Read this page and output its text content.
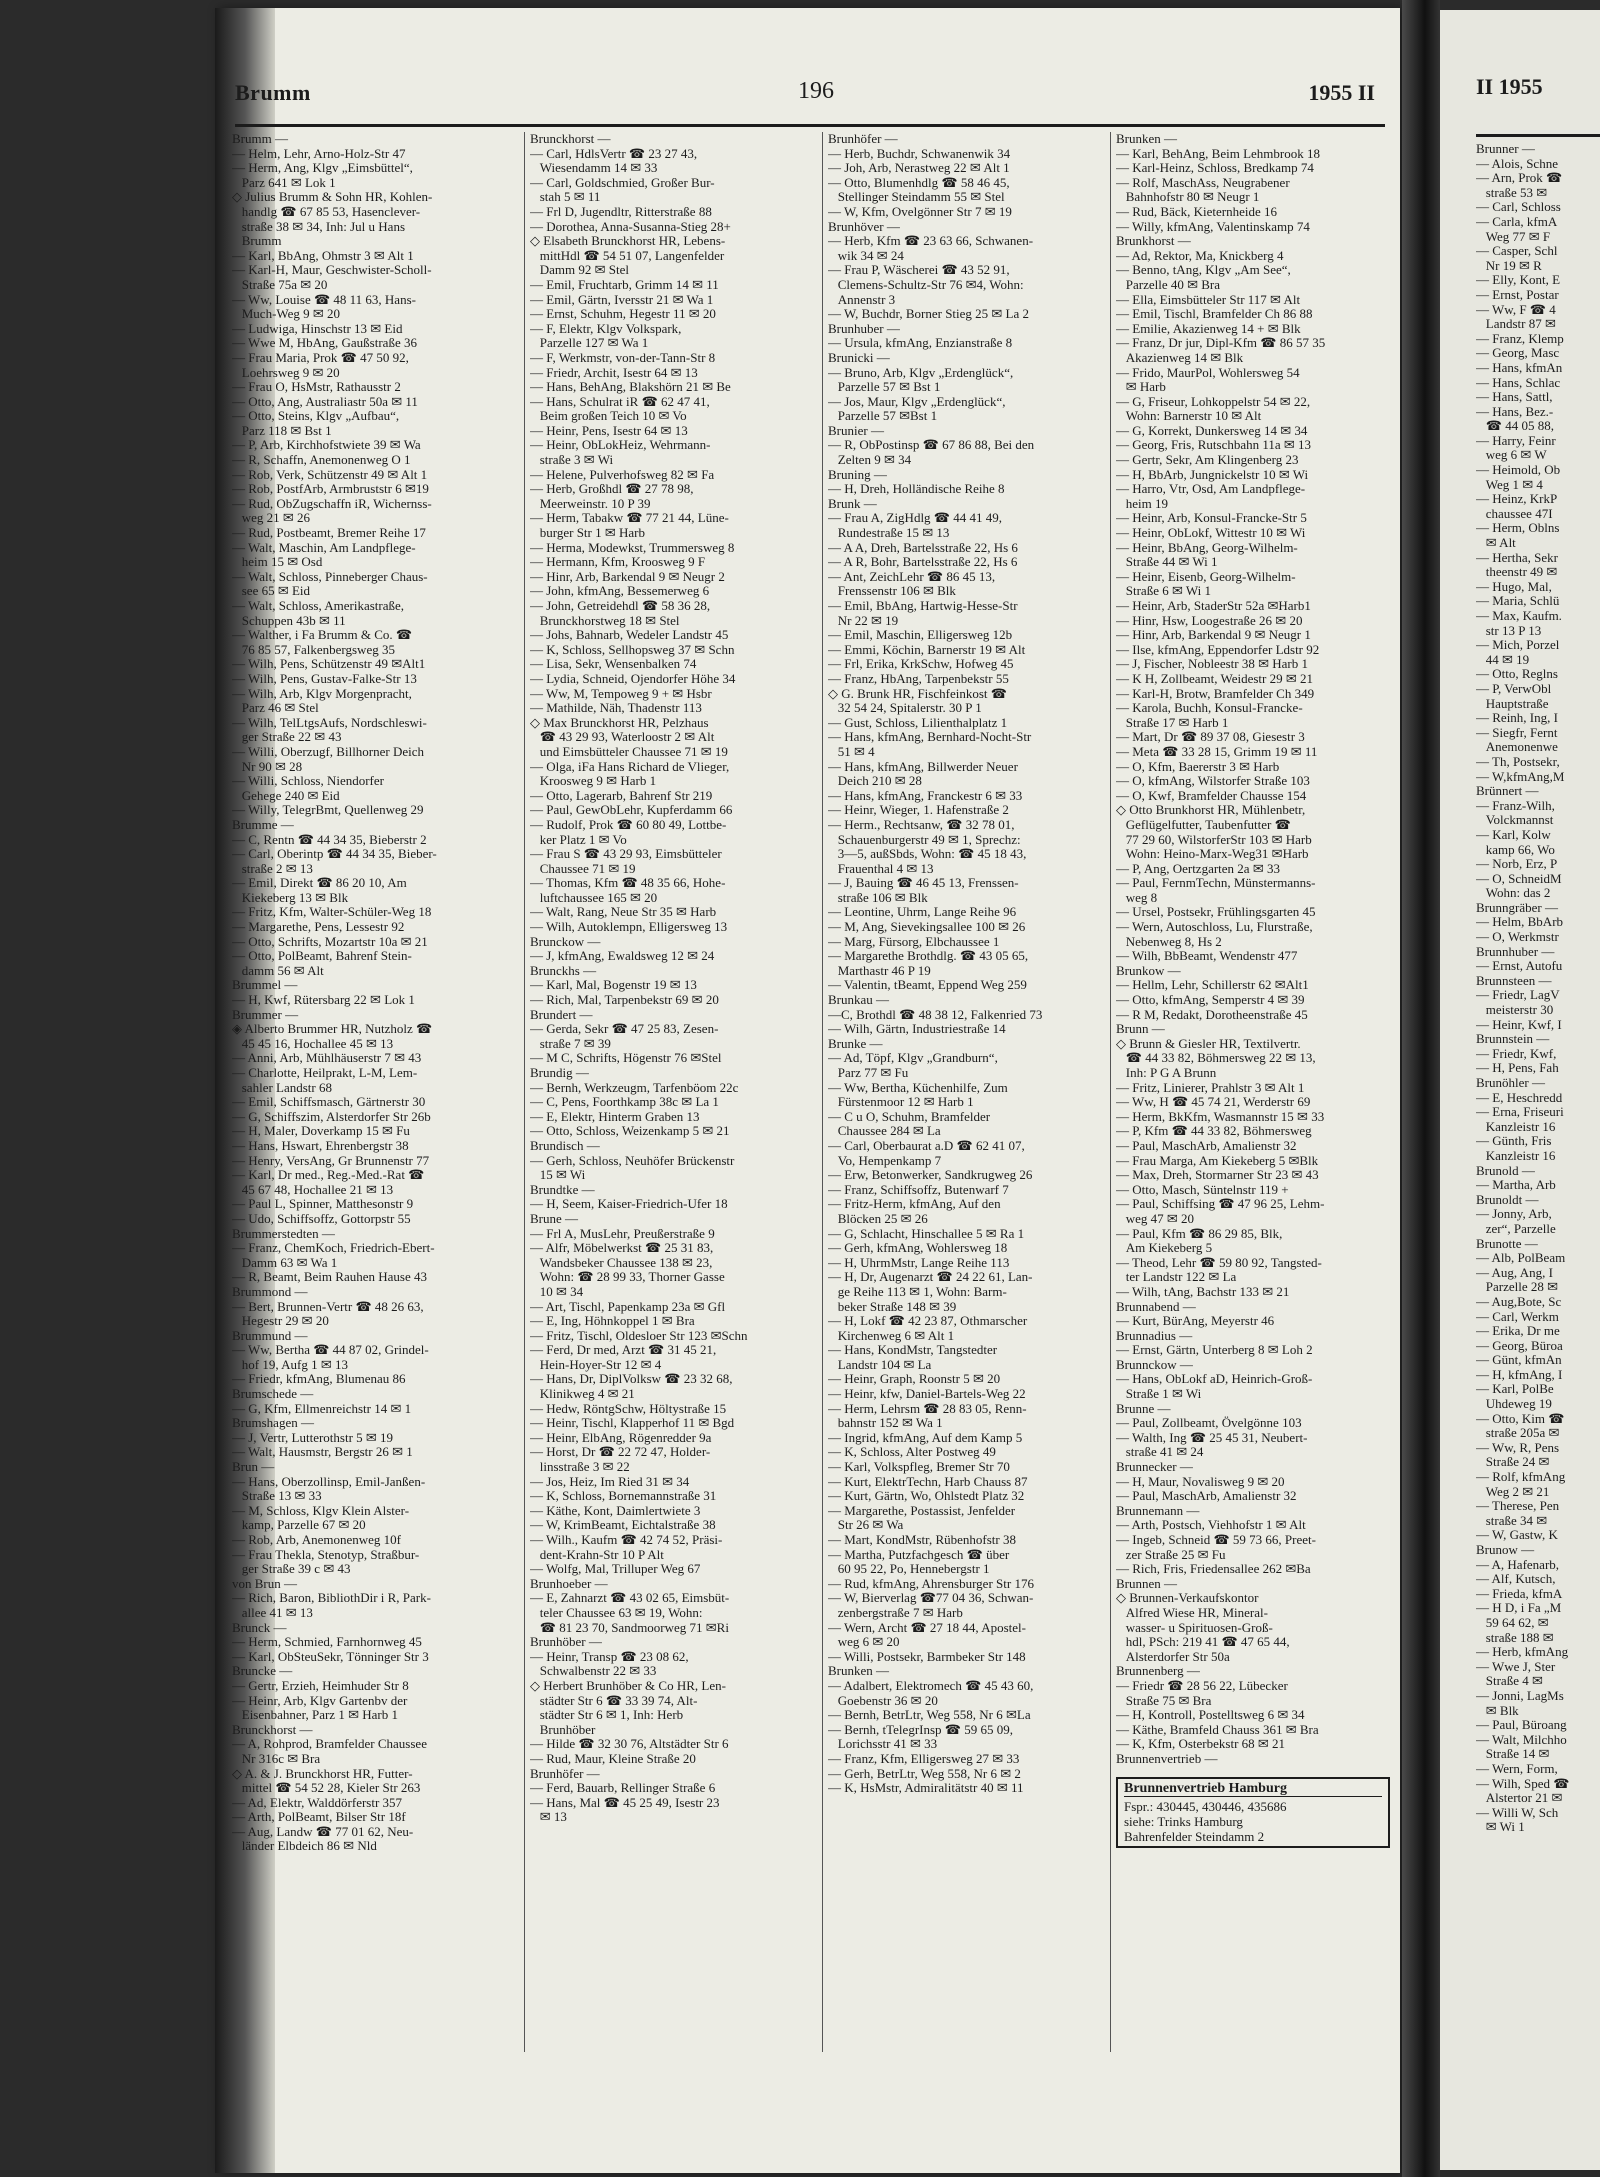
II 1955
Brunner —
— Alois, Schne
— Arn, Prok ☎
straße 53 ✉
— Carl, Schloss
— Carla, kfmA
Weg 77 ✉ F
— Casper, Schl
Nr 19 ✉ R
— Elly, Kont, E
— Ernst, Postar
— Ww, F ☎ 4
Landstr 87 ✉
— Franz, Klemp
— Georg, Masc
— Hans, kfmAn
— Hans, Schlac
— Hans, Sattl,
— Hans, Bez.-
☎ 44 05 88,
— Harry, Feinr
weg 6 ✉ W
— Heimold, Ob
Weg 1 ✉ 4
— Heinz, KrkP
chaussee 47I
— Herm, Oblns
✉ Alt
— Hertha, Sekr
theenstr 49 ✉
— Hugo, Mal,
— Maria, Schlü
— Max, Kaufm.
str 13 P 13
— Mich, Porzel
44 ✉ 19
— Otto, Reglns
— P, VerwObl
Hauptstraße
— Reinh, Ing, I
— Siegfr, Fernt
Anemonenwe
— Th, Postsekr,
— W,kfmAng,M
Brünnert —
— Franz-Wilh,
Volckmannst
— Karl, Kolw
kamp 66, Wo
— Norb, Erz, P
— O, SchneidM
Wohn: das 2
Brunngräber —
— Helm, BbArb
— O, Werkmstr
Brunnhuber —
— Ernst, Autofu
Brunnsteen —
— Friedr, LagV
meisterstr 30
— Heinr, Kwf, I
Brunnstein —
— Friedr, Kwf,
— H, Pens, Fah
Brunöhler —
— E, Heschredd
— Erna, Friseuri
Kanzleistr 16
— Günth, Fris
Kanzleistr 16
Brunold —
— Martha, Arb
Brunoldt —
— Jonny, Arb,
zer“, Parzelle
Brunotte —
— Alb, PolBeam
— Aug, Ang, I
Parzelle 28 ✉
— Aug,Bote, Sc
— Carl, Werkm
— Erika, Dr me
— Georg, Büroa
— Günt, kfmAn
— H, kfmAng, I
— Karl, PolBe
Uhdeweg 19
— Otto, Kim ☎
straße 205a ✉
— Ww, R, Pens
Straße 24 ✉
— Rolf, kfmAng
Weg 2 ✉ 21
— Therese, Pen
straße 34 ✉
— W, Gastw, K
Brunow —
— A, Hafenarb,
— Alf, Kutsch,
— Frieda, kfmA
— H D, i Fa „M
59 64 62, ✉
straße 188 ✉
— Herb, kfmAng
— Wwe J, Ster
Straße 4 ✉
— Jonni, LagMs
✉ Blk
— Paul, Büroang
— Walt, Milchho
Straße 14 ✉
— Wern, Form,
— Wilh, Sped ☎
Alstertor 21 ✉
— Willi W, Sch
✉ Wi 1
Brumm	196	1955 II
Brumm —
— Helm, Lehr, Arno-Holz-Str 47
— Herm, Ang, Klgv „Eimsbüttel“,
Parz 641 ✉ Lok 1
◇ Julius Brumm & Sohn HR, Kohlen-
handlg ☎ 67 85 53, Hasenclever-
straße 38 ✉ 34, Inh: Jul u Hans
Brumm
— Karl, BbAng, Ohmstr 3 ✉ Alt 1
— Karl-H, Maur, Geschwister-Scholl-
Straße 75a ✉ 20
— Ww, Louise ☎ 48 11 63, Hans-
Much-Weg 9 ✉ 20
— Ludwiga, Hinschstr 13 ✉ Eid
— Wwe M, HbAng, Gaußstraße 36
— Frau Maria, Prok ☎ 47 50 92,
Loehrsweg 9 ✉ 20
— Frau O, HsMstr, Rathausstr 2
— Otto, Ang, Australiastr 50a ✉ 11
— Otto, Steins, Klgv „Aufbau“,
Parz 118 ✉ Bst 1
— P, Arb, Kirchhofstwiete 39 ✉ Wa
— R, Schaffn, Anemonenweg O 1
— Rob, Verk, Schützenstr 49 ✉ Alt 1
— Rob, PostfArb, Armbruststr 6 ✉19
— Rud, ObZugschaffn iR, Wichernss-
weg 21 ✉ 26
— Rud, Postbeamt, Bremer Reihe 17
— Walt, Maschin, Am Landpflege-
heim 15 ✉ Osd
— Walt, Schloss, Pinneberger Chaus-
see 65 ✉ Eid
— Walt, Schloss, Amerikastraße,
Schuppen 43b ✉ 11
— Walther, i Fa Brumm & Co. ☎
76 85 57, Falkenbergsweg 35
— Wilh, Pens, Schützenstr 49 ✉Alt1
— Wilh, Pens, Gustav-Falke-Str 13
— Wilh, Arb, Klgv Morgenpracht,
Parz 46 ✉ Stel
— Wilh, TelLtgsAufs, Nordschleswi-
ger Straße 22 ✉ 43
— Willi, Oberzugf, Billhorner Deich
Nr 90 ✉ 28
— Willi, Schloss, Niendorfer
Gehege 240 ✉ Eid
— Willy, TelegrBmt, Quellenweg 29
Brumme —
— C, Rentn ☎ 44 34 35, Bieberstr 2
— Carl, Oberintp ☎ 44 34 35, Bieber-
straße 2 ✉ 13
— Emil, Direkt ☎ 86 20 10, Am
Kiekeberg 13 ✉ Blk
— Fritz, Kfm, Walter-Schüler-Weg 18
— Margarethe, Pens, Lessestr 92
— Otto, Schrifts, Mozartstr 10a ✉ 21
— Otto, PolBeamt, Bahrenf Stein-
damm 56 ✉ Alt
Brummel —
— H, Kwf, Rütersbarg 22 ✉ Lok 1
Brummer —
◈ Alberto Brummer HR, Nutzholz ☎
45 45 16, Hochallee 45 ✉ 13
— Anni, Arb, Mühlhäuserstr 7 ✉ 43
— Charlotte, Heilprakt, L-M, Lem-
sahler Landstr 68
— Emil, Schiffsmasch, Gärtnerstr 30
— G, Schiffszim, Alsterdorfer Str 26b
— H, Maler, Doverkamp 15 ✉ Fu
— Hans, Hswart, Ehrenbergstr 38
— Henry, VersAng, Gr Brunnenstr 77
— Karl, Dr med., Reg.-Med.-Rat ☎
45 67 48, Hochallee 21 ✉ 13
— Paul L, Spinner, Matthesonstr 9
— Udo, Schiffsoffz, Gottorpstr 55
Brummerstedten —
— Franz, ChemKoch, Friedrich-Ebert-
Damm 63 ✉ Wa 1
— R, Beamt, Beim Rauhen Hause 43
Brummond —
— Bert, Brunnen-Vertr ☎ 48 26 63,
Hegestr 29 ✉ 20
Brummund —
— Ww, Bertha ☎ 44 87 02, Grindel-
hof 19, Aufg 1 ✉ 13
— Friedr, kfmAng, Blumenau 86
Brumschede —
— G, Kfm, Ellmenreichstr 14 ✉ 1
Brumshagen —
— J, Vertr, Lutterothstr 5 ✉ 19
— Walt, Hausmstr, Bergstr 26 ✉ 1
Brun —
— Hans, Oberzollinsp, Emil-Janßen-
Straße 13 ✉ 33
— M, Schloss, Klgv Klein Alster-
kamp, Parzelle 67 ✉ 20
— Rob, Arb, Anemonenweg 10f
— Frau Thekla, Stenotyp, Straßbur-
ger Straße 39 c ✉ 43
von Brun —
— Rich, Baron, BibliothDir i R, Park-
allee 41 ✉ 13
Brunck —
— Herm, Schmied, Farnhornweg 45
— Karl, ObSteuSekr, Tönninger Str 3
Brunckе —
— Gertr, Erzieh, Heimhuder Str 8
— Heinr, Arb, Klgv Gartenbv der
Eisenbahner, Parz 1 ✉ Harb 1
Brunckhorst —
— A, Rohprod, Bramfelder Chaussee
Nr 316c ✉ Bra
◇ A. & J. Brunckhorst HR, Futter-
mittel ☎ 54 52 28, Kieler Str 263
— Ad, Elektr, Walddörferstr 357
— Arth, PolBeamt, Bilser Str 18f
— Aug, Landw ☎ 77 01 62, Neu-
länder Elbdeich 86 ✉ Nld
Brunckhorst —
— Carl, HdlsVertr ☎ 23 27 43,
Wiesendamm 14 ✉ 33
— Carl, Goldschmied, Großer Bur-
stah 5 ✉ 11
— Frl D, Jugendltr, Ritterstraße 88
— Dorothea, Anna-Susanna-Stieg 28+
◇ Elsabeth Brunckhorst HR, Lebens-
mittHdl ☎ 54 51 07, Langenfelder
Damm 92 ✉ Stel
— Emil, Fruchtarb, Grimm 14 ✉ 11
— Emil, Gärtn, Iversstr 21 ✉ Wa 1
— Ernst, Schuhm, Hegestr 11 ✉ 20
— F, Elektr, Klgv Volkspark,
Parzelle 127 ✉ Wa 1
— F, Werkmstr, von-der-Tann-Str 8
— Friedr, Archit, Isestr 64 ✉ 13
— Hans, BehAng, Blakshörn 21 ✉ Be
— Hans, Schulrat iR ☎ 62 47 41,
Beim großen Teich 10 ✉ Vo
— Heinr, Pens, Isestr 64 ✉ 13
— Heinr, ObLokHeiz, Wehrmann-
straße 3 ✉ Wi
— Helene, Pulverhofsweg 82 ✉ Fa
— Herb, Großhdl ☎ 27 78 98,
Meerweinstr. 10 P 39
— Herm, Tabakw ☎ 77 21 44, Lüne-
burger Str 1 ✉ Harb
— Herma, Modewkst, Trummersweg 8
— Hermann, Kfm, Krooswеg 9 F
— Hinr, Arb, Barkendal 9 ✉ Neugr 2
— John, kfmAng, Bessemerweg 6
— John, Getreidehdl ☎ 58 36 28,
Brunckhorstweg 18 ✉ Stel
— Johs, Bahnarb, Wedeler Landstr 45
— K, Schloss, Sellhopsweg 37 ✉ Schn
— Lisa, Sekr, Wensenbalken 74
— Lydia, Schneid, Ojendorfer Höhe 34
— Ww, M, Tempoweg 9 + ✉ Hsbr
— Mathilde, Näh, Thadenstr 113
◇ Max Brunckhorst HR, Pelzhaus
☎ 43 29 93, Waterloostr 2 ✉ Alt
und Eimsbütteler Chaussee 71 ✉ 19
— Olga, iFa Hans Richard de Vlieger,
Krooswеg 9 ✉ Harb 1
— Otto, Lagerarb, Bahrenf Str 219
— Paul, GewObLehr, Kupferdamm 66
— Rudolf, Prok ☎ 60 80 49, Lottbe-
ker Platz 1 ✉ Vo
— Frau S ☎ 43 29 93, Eimsbütteler
Chaussee 71 ✉ 19
— Thomas, Kfm ☎ 48 35 66, Hohe-
luftchaussee 165 ✉ 20
— Walt, Rang, Neue Str 35 ✉ Harb
— Wilh, Autoklempn, Elligersweg 13
Brunckow —
— J, kfmAng, Ewaldsweg 12 ✉ 24
Brunckhs —
— Karl, Mal, Bogenstr 19 ✉ 13
— Rich, Mal, Tarpenbekstr 69 ✉ 20
Brundert —
— Gerda, Sekr ☎ 47 25 83, Zesen-
straße 7 ✉ 39
— M C, Schrifts, Högenstr 76 ✉Stel
Brundig —
— Bernh, Werkzeugm, Tarfenböom 22c
— C, Pens, Foorthkamp 38c ✉ La 1
— E, Elektr, Hinterm Graben 13
— Otto, Schloss, Weizenkamp 5 ✉ 21
Brundisch —
— Gerh, Schloss, Neuhöfer Brückenstr
15 ✉ Wi
Brundtke —
— H, Seem, Kaiser-Friedrich-Ufer 18
Brune —
— Frl A, MusLehr, Preußerstraße 9
— Alfr, Möbelwerkst ☎ 25 31 83,
Wandsbeker Chaussee 138 ✉ 23,
Wohn: ☎ 28 99 33, Thorner Gasse
10 ✉ 34
— Art, Tischl, Papenkamp 23a ✉ Gfl
— E, Ing, Höhnkoppel 1 ✉ Bra
— Fritz, Tischl, Oldesloer Str 123 ✉Schn
— Ferd, Dr med, Arzt ☎ 31 45 21,
Hein-Hoyer-Str 12 ✉ 4
— Hans, Dr, DiplVolksw ☎ 23 32 68,
Klinikweg 4 ✉ 21
— Hedw, RöntgSchw, Höltystraße 15
— Heinr, Tischl, Klapperhof 11 ✉ Bgd
— Heinr, ElbAng, Rögenredder 9a
— Horst, Dr ☎ 22 72 47, Holder-
linsstraße 3 ✉ 22
— Jos, Heiz, Im Ried 31 ✉ 34
— K, Schloss, Bornemannstraße 31
— Käthe, Kont, Daimlertwiete 3
— W, KrimBeamt, Eichtalstraße 38
— Wilh., Kaufm ☎ 42 74 52, Präsi-
dent-Krahn-Str 10 P Alt
— Wolfg, Mal, Trilluper Weg 67
Brunhoeber —
— E, Zahnarzt ☎ 43 02 65, Eimsbüt-
teler Chaussee 63 ✉ 19, Wohn:
☎ 81 23 70, Sandmoorweg 71 ✉Ri
Brunhöber —
— Heinr, Transp ☎ 23 08 62,
Schwalbenstr 22 ✉ 33
◇ Herbert Brunhöber & Co HR, Len-
städter Str 6 ☎ 33 39 74, Alt-
städter Str 6 ✉ 1, Inh: Herb
Brunhöber
— Hilde ☎ 32 30 76, Altstädter Str 6
— Rud, Maur, Kleine Straße 20
Brunhöfer —
— Ferd, Bauarb, Rellinger Straße 6
— Hans, Mal ☎ 45 25 49, Isestr 23
✉ 13
Brunhöfer —
— Herb, Buchdr, Schwanenwik 34
— Joh, Arb, Nerastweg 22 ✉ Alt 1
— Otto, Blumenhdlg ☎ 58 46 45,
Stellinger Steindamm 55 ✉ Stel
— W, Kfm, Ovelgönner Str 7 ✉ 19
Brunhöver —
— Herb, Kfm ☎ 23 63 66, Schwanen-
wik 34 ✉ 24
— Frau P, Wäscherei ☎ 43 52 91,
Clemens-Schultz-Str 76 ✉4, Wohn:
Annenstr 3
— W, Buchdr, Borner Stieg 25 ✉ La 2
Brunhuber —
— Ursula, kfmAng, Enzianstraße 8
Brunicki —
— Bruno, Arb, Klgv „Erdenglück“,
Parzelle 57 ✉ Bst 1
— Jos, Maur, Klgv „Erdenglück“,
Parzelle 57 ✉Bst 1
Brunier —
— R, ObPostinsp ☎ 67 86 88, Bei den
Zelten 9 ✉ 34
Bruning —
— H, Dreh, Holländische Reihe 8
Brunk —
— Frau A, ZigHdlg ☎ 44 41 49,
Rundestraße 15 ✉ 13
— A A, Dreh, Bartelsstraße 22, Hs 6
— A R, Bohr, Bartelsstraße 22, Hs 6
— Ant, ZeichLehr ☎ 86 45 13,
Frenssenstr 106 ✉ Blk
— Emil, BbAng, Hartwig-Hesse-Str
Nr 22 ✉ 19
— Emil, Maschin, Elligersweg 12b
— Emmi, Köchin, Barnerstr 19 ✉ Alt
— Frl, Erika, KrkSchw, Hofweg 45
— Franz, HbAng, Tarpenbekstr 55
◇ G. Brunk HR, Fischfeinkost ☎
32 54 24, Spitalerstr. 30 P 1
— Gust, Schloss, Lilienthalplatz 1
— Hans, kfmAng, Bernhard-Nocht-Str
51 ✉ 4
— Hans, kfmAng, Billwerder Neuer
Deich 210 ✉ 28
— Hans, kfmAng, Franckestr 6 ✉ 33
— Heinr, Wieger, 1. Hafenstraße 2
— Herm., Rechtsanw, ☎ 32 78 01,
Schauenburgerstr 49 ✉ 1, Sprechz:
3—5, außSbds, Wohn: ☎ 45 18 43,
Frauenthal 4 ✉ 13
— J, Bauing ☎ 46 45 13, Frenssen-
straße 106 ✉ Blk
— Leontine, Uhrm, Lange Reihe 96
— M, Ang, Sievekingsallee 100 ✉ 26
— Marg, Fürsorg, Elbchaussee 1
— Margarethe Brothdlg. ☎ 43 05 65,
Marthastr 46 P 19
— Valentin, tBeamt, Eppend Weg 259
Brunkau —
—C, Brothdl ☎ 48 38 12, Falkenried 73
— Wilh, Gärtn, Industriestraße 14
Brunke —
— Ad, Töpf, Klgv „Grandburn“,
Parz 77 ✉ Fu
— Ww, Bertha, Küchenhilfe, Zum
Fürstenmoor 12 ✉ Harb 1
— C u O, Schuhm, Bramfelder
Chaussee 284 ✉ La
— Carl, Oberbaurat a.D ☎ 62 41 07,
Vo, Hempenkamp 7
— Erw, Betonwerker, Sandkrugweg 26
— Franz, Schiffsoffz, Butenwarf 7
— Fritz-Herm, kfmAng, Auf den
Blöcken 25 ✉ 26
— G, Schlacht, Hinschallee 5 ✉ Ra 1
— Gerh, kfmAng, Wohlersweg 18
— H, UhrmMstr, Lange Reihe 113
— H, Dr, Augenarzt ☎ 24 22 61, Lan-
gе Reihe 113 ✉ 1, Wohn: Barm-
beker Straße 148 ✉ 39
— H, Lokf ☎ 42 23 87, Othmarscher
Kirchenweg 6 ✉ Alt 1
— Hans, KondMstr, Tangstedter
Landstr 104 ✉ La
— Heinr, Graph, Roonstr 5 ✉ 20
— Heinr, kfw, Daniel-Bartels-Weg 22
— Herm, Lehrsm ☎ 28 83 05, Renn-
bahnstr 152 ✉ Wa 1
— Ingrid, kfmAng, Auf dem Kamp 5
— K, Schloss, Alter Postweg 49
— Karl, Volkspfleg, Bremer Str 70
— Kurt, ElektrTechn, Harb Chauss 87
— Kurt, Gärtn, Wo, Ohlstedt Platz 32
— Margarethe, Postassist, Jenfelder
Str 26 ✉ Wa
— Mart, KondMstr, Rübenhofstr 38
— Martha, Putzfachgesch ☎ über
60 95 22, Po, Hennebergstr 1
— Rud, kfmAng, Ahrensburger Str 176
— W, Bierverlag ☎77 04 36, Schwan-
zenbergstraße 7 ✉ Harb
— Wern, Archt ☎ 27 18 44, Apostel-
weg 6 ✉ 20
— Willi, Postsekr, Barmbeker Str 148
Brunken —
— Adalbert, Elektromech ☎ 45 43 60,
Goebenstr 36 ✉ 20
— Bernh, BetrLtr, Weg 558, Nr 6 ✉La
— Bernh, tTelegrInsp ☎ 59 65 09,
Lorichsstr 41 ✉ 33
— Franz, Kfm, Elligersweg 27 ✉ 33
— Gerh, BetrLtr, Weg 558, Nr 6 ✉ 2
— K, HsMstr, Admiralitätstr 40 ✉ 11
Brunken —
— Karl, BehAng, Beim Lehmbrook 18
— Karl-Heinz, Schloss, Bredkamp 74
— Rolf, MaschAss, Neugrabener
Bahnhofstr 80 ✉ Neugr 1
— Rud, Bäck, Kieternheide 16
— Willy, kfmAng, Valentinskamp 74
Brunkhorst —
— Ad, Rektor, Ma, Knickberg 4
— Benno, tAng, Klgv „Am See“,
Parzelle 40 ✉ Bra
— Ella, Eimsbütteler Str 117 ✉ Alt
— Emil, Tischl, Bramfelder Ch 86 88
— Emilie, Akazienweg 14 + ✉ Blk
— Franz, Dr jur, Dipl-Kfm ☎ 86 57 35
Akazienweg 14 ✉ Blk
— Frido, MaurPol, Wohlersweg 54
✉ Harb
— G, Friseur, Lohkoppelstr 54 ✉ 22,
Wohn: Barnerstr 10 ✉ Alt
— G, Korrekt, Dunkersweg 14 ✉ 34
— Georg, Fris, Rutschbahn 11a ✉ 13
— Gertr, Sekr, Am Klingenberg 23
— H, BbArb, Jungnickelstr 10 ✉ Wi
— Harro, Vtr, Osd, Am Landpflege-
heim 19
— Heinr, Arb, Konsul-Francke-Str 5
— Heinr, ObLokf, Wittestr 10 ✉ Wi
— Heinr, BbAng, Georg-Wilhelm-
Straße 44 ✉ Wi 1
— Heinr, Eisenb, Georg-Wilhelm-
Straße 6 ✉ Wi 1
— Heinr, Arb, StaderStr 52a ✉Harb1
— Hinr, Hsw, Loogestraße 26 ✉ 20
— Hinr, Arb, Barkendal 9 ✉ Neugr 1
— Ilse, kfmAng, Eppendorfer Ldstr 92
— J, Fischer, Nobleestr 38 ✉ Harb 1
— K H, Zollbeamt, Weidestr 29 ✉ 21
— Karl-H, Brotw, Bramfelder Ch 349
— Karola, Buchh, Konsul-Francke-
Straße 17 ✉ Harb 1
— Mart, Dr ☎ 89 37 08, Giesestr 3
— Meta ☎ 33 28 15, Grimm 19 ✉ 11
— O, Kfm, Baererstr 3 ✉ Harb
— O, kfmAng, Wilstorfer Straße 103
— O, Kwf, Bramfelder Chausse 154
◇ Otto Brunkhorst HR, Mühlenbetr,
Geflügelfutter, Taubenfutter ☎
77 29 60, WilstorferStr 103 ✉ Harb
Wohn: Heino-Marx-Weg31 ✉Harb
— P, Ang, Oertzgarten 2a ✉ 33
— Paul, FernmTechn, Münstermanns-
weg 8
— Ursel, Postsekr, Frühlingsgarten 45
— Wern, Autoschloss, Lu, Flurstraße,
Nebenweg 8, Hs 2
— Wilh, BbBeamt, Wendenstr 477
Brunkow —
— Hellm, Lehr, Schillerstr 62 ✉Alt1
— Otto, kfmAng, Semperstr 4 ✉ 39
— R M, Redakt, Dorotheenstraße 45
Brunn —
◇ Brunn & Giesler HR, Textilvertr.
☎ 44 33 82, Böhmersweg 22 ✉ 13,
Inh: P G A Brunn
— Fritz, Linierer, Prahlstr 3 ✉ Alt 1
— Ww, H ☎ 45 74 21, Werderstr 69
— Herm, BkKfm, Wasmannstr 15 ✉ 33
— P, Kfm ☎ 44 33 82, Böhmersweg
— Paul, MaschArb, Amalienstr 32
— Frau Marga, Am Kiekeberg 5 ✉Blk
— Max, Dreh, Stormarner Str 23 ✉ 43
— Otto, Masch, Süntelnstr 119 +
— Paul, Schiffsing ☎ 47 96 25, Lehm-
weg 47 ✉ 20
— Paul, Kfm ☎ 86 29 85, Blk,
Am Kiekeberg 5
— Theod, Lehr ☎ 59 80 92, Tangsted-
ter Landstr 122 ✉ La
— Wilh, tAng, Bachstr 133 ✉ 21
Brunnabend —
— Kurt, BürAng, Meyerstr 46
Brunnadius —
— Ernst, Gärtn, Unterberg 8 ✉ Loh 2
Brunnckow —
— Hans, ObLokf aD, Heinrich-Groß-
Straße 1 ✉ Wi
Brunne —
— Paul, Zollbeamt, Övelgönne 103
— Walth, Ing ☎ 25 45 31, Neubert-
straße 41 ✉ 24
Brunnecker —
— H, Maur, Novalisweg 9 ✉ 20
— Paul, MaschArb, Amalienstr 32
Brunnemann —
— Arth, Postsch, Viehhofstr 1 ✉ Alt
— Ingeb, Schneid ☎ 59 73 66, Preet-
zer Straße 25 ✉ Fu
— Rich, Fris, Friedensallee 262 ✉Ba
Brunnen —
◇ Brunnen-Verkaufskontor
Alfred Wiese HR, Mineral-
wasser- u Spirituosen-Groß-
hdl, PSch: 219 41 ☎ 47 65 44,
Alsterdorfer Str 50a
Brunnenberg —
— Friedr ☎ 28 56 22, Lübecker
Straße 75 ✉ Bra
— H, Kontroll, Postelltsweg 6 ✉ 34
— Käthe, Bramfeld Chauss 361 ✉ Bra
— K, Kfm, Osterbekstr 68 ✉ 21
Brunnenvertrieb —
Brunnenvertrieb Hamburg
Fspr.: 430445, 430446, 435686
siehe: Trinks Hamburg
Bahrenfelder Steindamm 2
